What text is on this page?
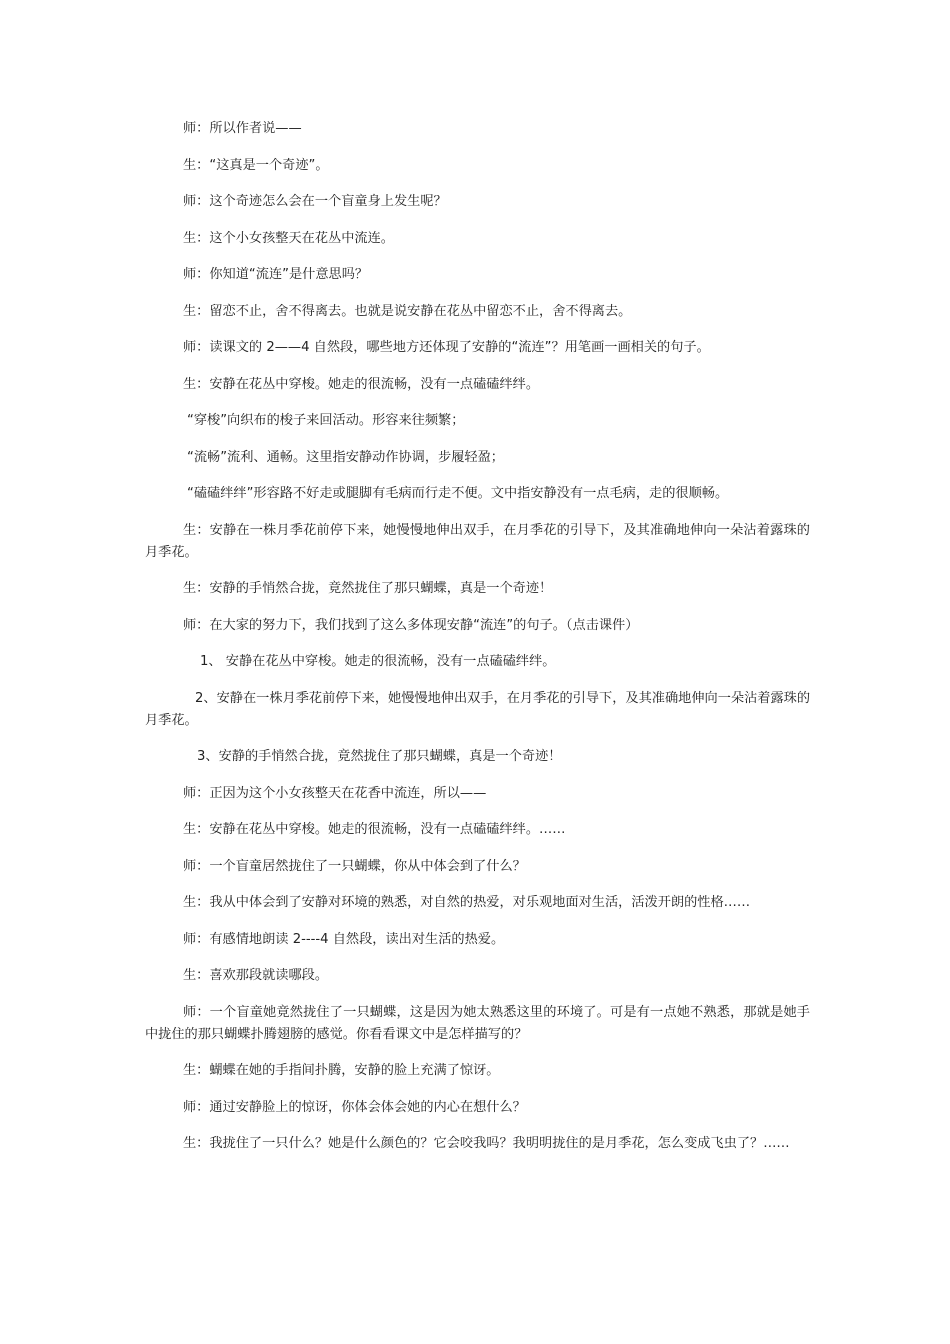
师：所以作者说——

生：“这真是一个奇迹”。

师：这个奇迹怎么会在一个盲童身上发生呢？

生：这个小女孩整天在花丛中流连。

师：你知道“流连”是什意思吗？

生：留恋不止，舍不得离去。也就是说安静在花丛中留恋不止，舍不得离去。

师：读课文的 2——4 自然段，哪些地方还体现了安静的“流连”？用笔画一画相关的句子。

生：安静在花丛中穿梭。她走的很流畅，没有一点磕磕绊绊。

“穿梭”向织布的梭子来回活动。形容来往频繁；

“流畅”流利、通畅。这里指安静动作协调，步履轻盈；

“磕磕绊绊”形容路不好走或腿脚有毛病而行走不便。文中指安静没有一点毛病，走的很顺畅。

生：安静在一株月季花前停下来，她慢慢地伸出双手，在月季花的引导下，及其准确地伸向一朵沾着露珠的月季花。

生：安静的手悄然合拢，竟然拢住了那只蝴蝶，真是一个奇迹！

师：在大家的努力下，我们找到了这么多体现安静“流连”的句子。（点击课件）

1、 安静在花丛中穿梭。她走的很流畅，没有一点磕磕绊绊。

2、安静在一株月季花前停下来，她慢慢地伸出双手，在月季花的引导下，及其准确地伸向一朵沾着露珠的月季花。

3、安静的手悄然合拢，竟然拢住了那只蝴蝶，真是一个奇迹！

师：正因为这个小女孩整天在花香中流连，所以——

生：安静在花丛中穿梭。她走的很流畅，没有一点磕磕绊绊。……

师：一个盲童居然拢住了一只蝴蝶，你从中体会到了什么？

生：我从中体会到了安静对环境的熟悉，对自然的热爱，对乐观地面对生活，活泼开朗的性格……

师：有感情地朗读 2----4 自然段，读出对生活的热爱。

生：喜欢那段就读哪段。

师：一个盲童她竟然拢住了一只蝴蝶，这是因为她太熟悉这里的环境了。可是有一点她不熟悉，那就是她手中拢住的那只蝴蝶扑腾翅膀的感觉。你看看课文中是怎样描写的？

生：蝴蝶在她的手指间扑腾，安静的脸上充满了惊讶。

师：通过安静脸上的惊讶，你体会体会她的内心在想什么？

生：我拢住了一只什么？她是什么颜色的？它会咬我吗？我明明拢住的是月季花，怎么变成飞虫了？……
